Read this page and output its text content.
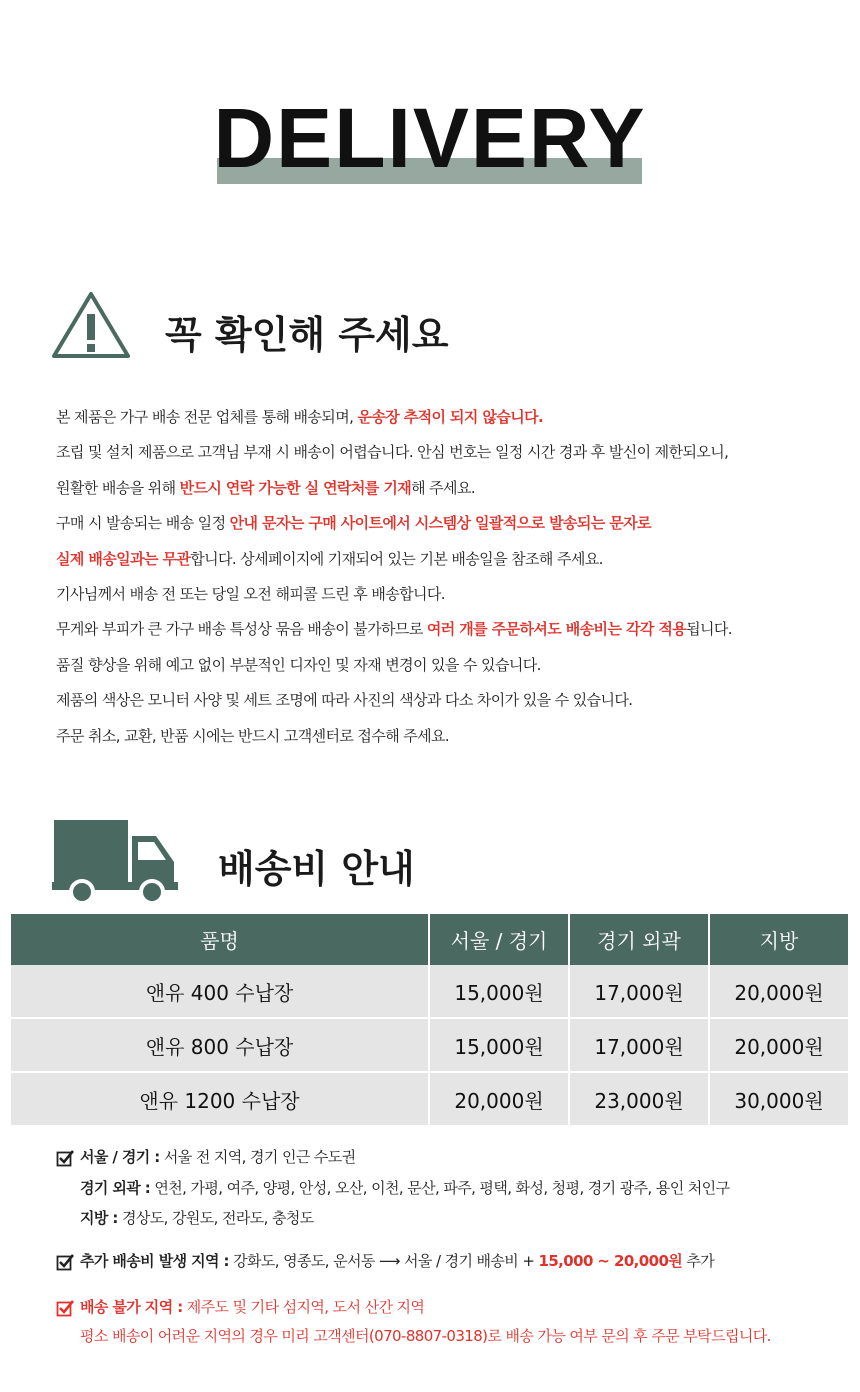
DELIVERY
꼭 확인해 주세요
본 제품은 가구 배송 전문 업체를 통해 배송되며, 운송장 추적이 되지 않습니다.
조립 및 설치 제품으로 고객님 부재 시 배송이 어렵습니다. 안심 번호는 일정 시간 경과 후 발신이 제한되오니,
원활한 배송을 위해 반드시 연락 가능한 실 연락처를 기재해 주세요.
구매 시 발송되는 배송 일정 안내 문자는 구매 사이트에서 시스템상 일괄적으로 발송되는 문자로
실제 배송일과는 무관합니다. 상세페이지에 기재되어 있는 기본 배송일을 참조해 주세요.
기사님께서 배송 전 또는 당일 오전 해피콜 드린 후 배송합니다.
무게와 부피가 큰 가구 배송 특성상 묶음 배송이 불가하므로 여러 개를 주문하셔도 배송비는 각각 적용됩니다.
품질 향상을 위해 예고 없이 부분적인 디자인 및 자재 변경이 있을 수 있습니다.
제품의 색상은 모니터 사양 및 세트 조명에 따라 사진의 색상과 다소 차이가 있을 수 있습니다.
주문 취소, 교환, 반품 시에는 반드시 고객센터로 접수해 주세요.
배송비 안내
품명	서울 / 경기	경기 외곽	지방
앤유 400 수납장	15,000원	17,000원	20,000원
앤유 800 수납장	15,000원	17,000원	20,000원
앤유 1200 수납장	20,000원	23,000원	30,000원
서울 / 경기 : 서울 전 지역, 경기 인근 수도권
경기 외곽 : 연천, 가평, 여주, 양평, 안성, 오산, 이천, 문산, 파주, 평택, 화성, 청평, 경기 광주, 용인 처인구
지방 : 경상도, 강원도, 전라도, 충청도
추가 배송비 발생 지역 : 강화도, 영종도, 운서동 ⟶ 서울 / 경기 배송비 + 15,000 ~ 20,000원 추가
배송 불가 지역 : 제주도 및 기타 섬지역, 도서 산간 지역
평소 배송이 어려운 지역의 경우 미리 고객센터(070-8807-0318)로 배송 가능 여부 문의 후 주문 부탁드립니다.
